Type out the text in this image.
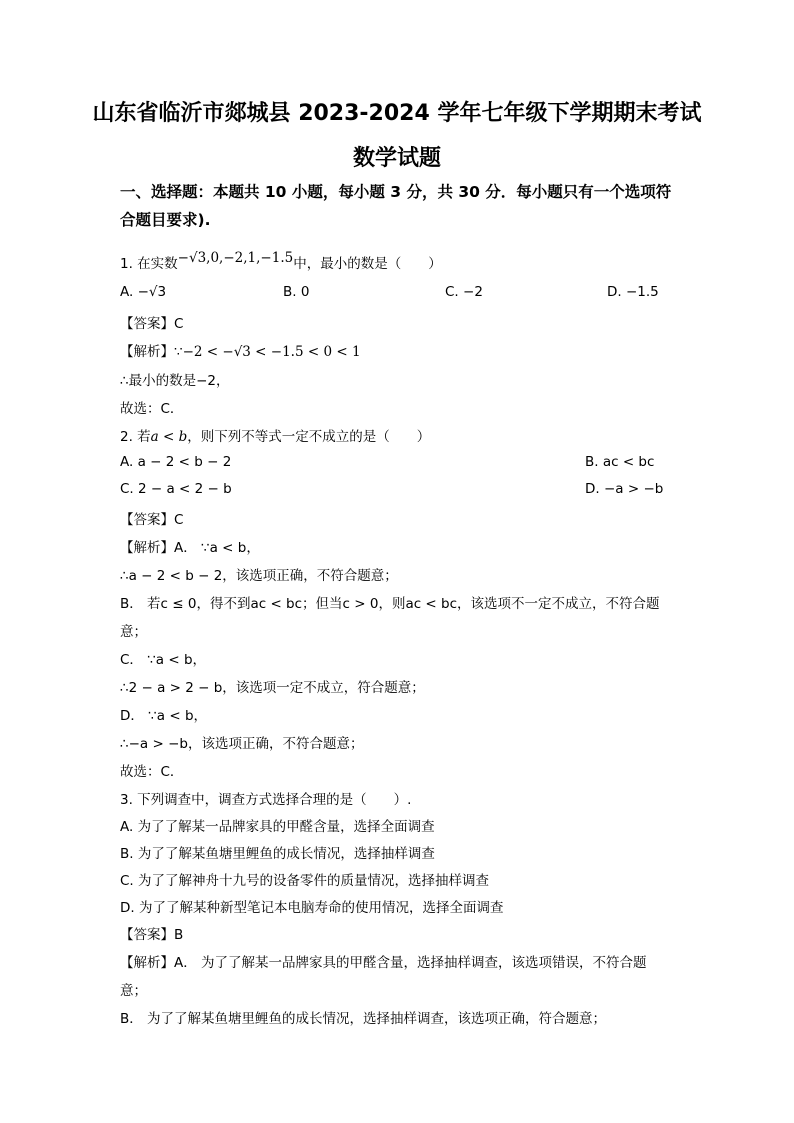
山东省临沂市郯城县 2023-2024 学年七年级下学期期末考试
数学试题
一、选择题：本题共 10 小题，每小题 3 分，共 30 分．每小题只有一个选项符
合题目要求).
1. 在实数−√3,0,−2,1,−1.5中，最小的数是（　　）
A. −√3	B. 0	C. −2	D. −1.5
【答案】C
【解析】∵−2 < −√3 < −1.5 < 0 < 1
∴最小的数是−2，
故选：C．
2. 若a < b，则下列不等式一定不成立的是（　　）
A. a − 2 < b − 2	B. ac < bc
C. 2 − a < 2 − b	D. −a > −b
【答案】C
【解析】A． ∵a < b，
∴a − 2 < b − 2，该选项正确，不符合题意；
B． 若c ≤ 0，得不到ac < bc；但当c > 0，则ac < bc，该选项不一定不成立，不符合题
意；
C． ∵a < b，
∴2 − a > 2 − b，该选项一定不成立，符合题意；
D． ∵a < b，
∴−a > −b，该选项正确，不符合题意；
故选：C．
3. 下列调查中，调查方式选择合理的是（　　）.
A. 为了了解某一品牌家具的甲醛含量，选择全面调查
B. 为了了解某鱼塘里鲤鱼的成长情况，选择抽样调查
C. 为了了解神舟十九号的设备零件的质量情况，选择抽样调查
D. 为了了解某种新型笔记本电脑寿命的使用情况，选择全面调查
【答案】B
【解析】A． 为了了解某一品牌家具的甲醛含量，选择抽样调查，该选项错误，不符合题
意；
B． 为了了解某鱼塘里鲤鱼的成长情况，选择抽样调查，该选项正确，符合题意；
